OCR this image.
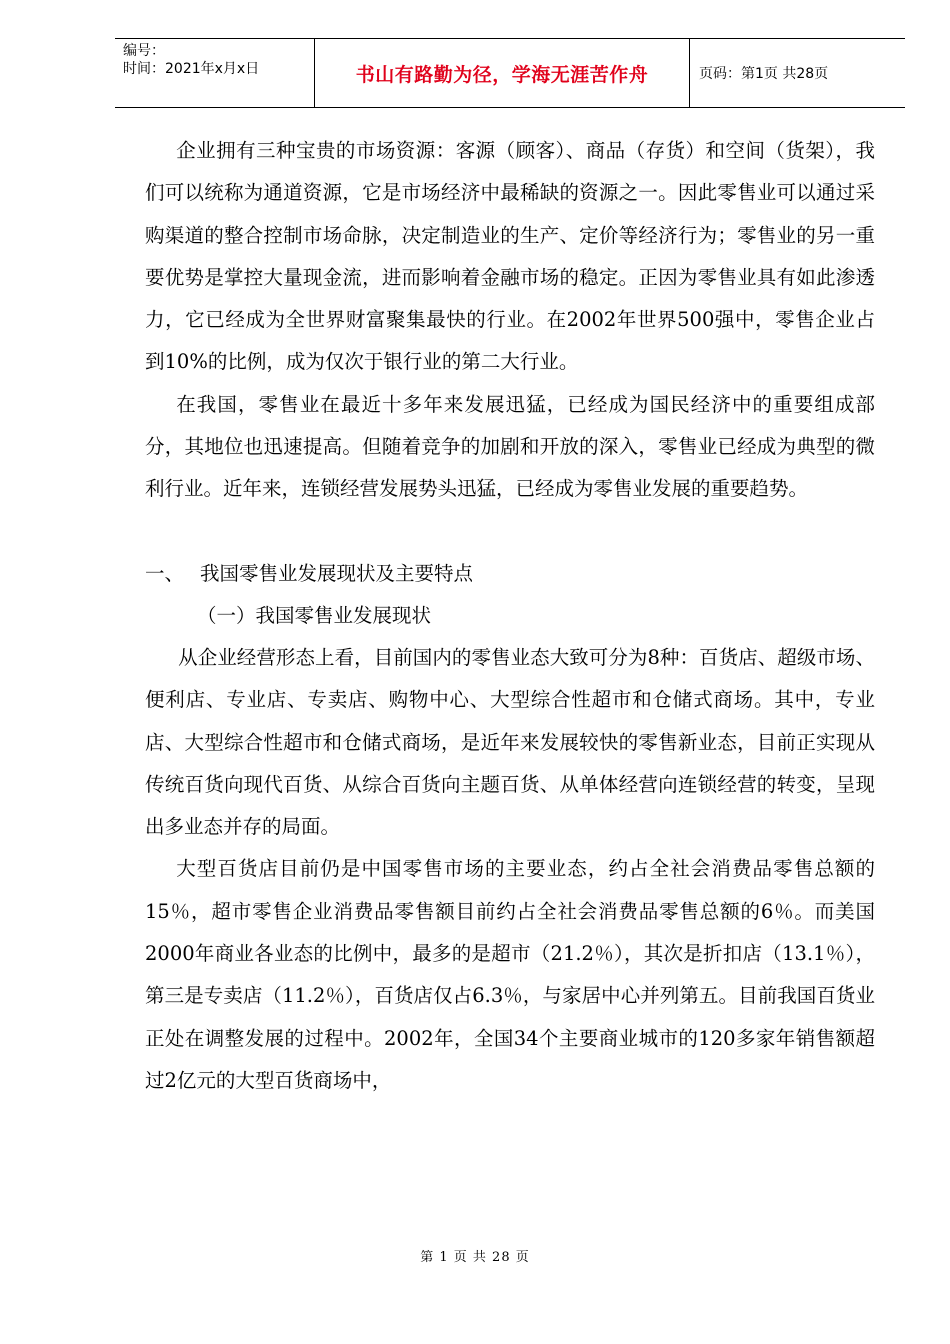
编号：
时间：2021年x月x日	书山有路勤为径，学海无涯苦作舟	页码：第1页 共28页

企业拥有三种宝贵的市场资源：客源（顾客）、商品（存货）和空间（货架），我们可以统称为通道资源，它是市场经济中最稀缺的资源之一。因此零售业可以通过采购渠道的整合控制市场命脉，决定制造业的生产、定价等经济行为；零售业的另一重要优势是掌控大量现金流，进而影响着金融市场的稳定。正因为零售业具有如此渗透力，它已经成为全世界财富聚集最快的行业。在2002年世界500强中，零售企业占到10%的比例，成为仅次于银行业的第二大行业。

在我国，零售业在最近十多年来发展迅猛，已经成为国民经济中的重要组成部分，其地位也迅速提高。但随着竞争的加剧和开放的深入，零售业已经成为典型的微利行业。近年来，连锁经营发展势头迅猛，已经成为零售业发展的重要趋势。

一、 我国零售业发展现状及主要特点
（一）我国零售业发展现状

从企业经营形态上看，目前国内的零售业态大致可分为8种：百货店、超级市场、便利店、专业店、专卖店、购物中心、大型综合性超市和仓储式商场。其中，专业店、大型综合性超市和仓储式商场，是近年来发展较快的零售新业态，目前正实现从传统百货向现代百货、从综合百货向主题百货、从单体经营向连锁经营的转变，呈现出多业态并存的局面。

大型百货店目前仍是中国零售市场的主要业态，约占全社会消费品零售总额的15％，超市零售企业消费品零售额目前约占全社会消费品零售总额的6％。而美国2000年商业各业态的比例中，最多的是超市（21.2％），其次是折扣店（13.1％），第三是专卖店（11.2％），百货店仅占6.3％，与家居中心并列第五。目前我国百货业正处在调整发展的过程中。2002年，全国34个主要商业城市的120多家年销售额超过2亿元的大型百货商场中，

第 1 页 共 28 页
